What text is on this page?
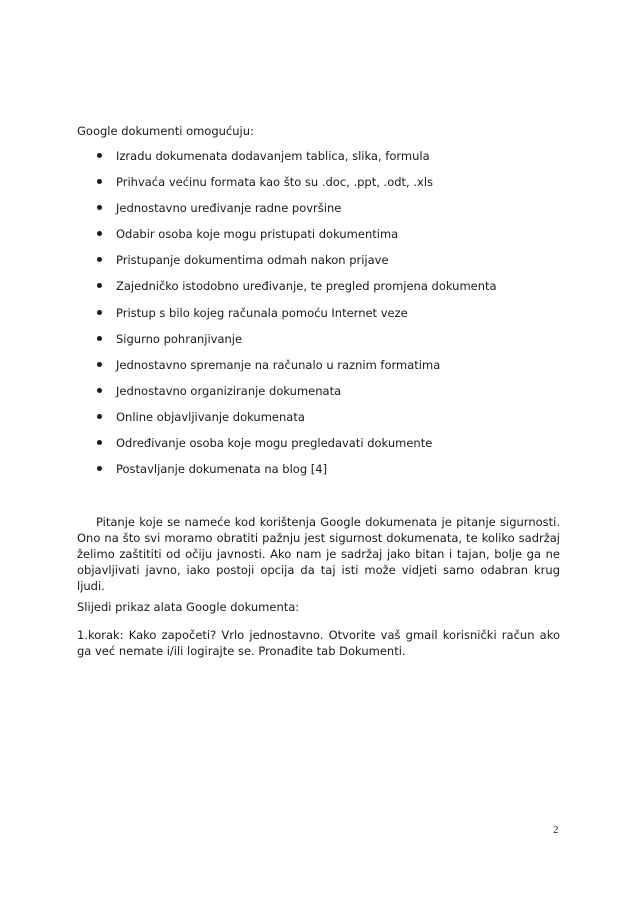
Google dokumenti omogućuju:

Izradu dokumenata dodavanjem tablica, slika, formula
Prihvaća većinu formata kao što su .doc, .ppt, .odt, .xls
Jednostavno uređivanje radne površine
Odabir osoba koje mogu pristupati dokumentima
Pristupanje dokumentima odmah nakon prijave
Zajedničko istodobno uređivanje, te pregled promjena dokumenta
Pristup s bilo kojeg računala pomoću Internet veze
Sigurno pohranjivanje
Jednostavno spremanje na računalo u raznim formatima
Jednostavno organiziranje dokumenata
Online objavljivanje dokumenata
Određivanje osoba koje mogu pregledavati dokumente
Postavljanje dokumenata na blog [4]

Pitanje koje se nameće kod korištenja Google dokumenata je pitanje sigurnosti. Ono na što svi moramo obratiti pažnju jest sigurnost dokumenata, te koliko sadržaj želimo zaštititi od očiju javnosti. Ako nam je sadržaj jako bitan i tajan, bolje ga ne objavljivati javno, iako postoji opcija da taj isti može vidjeti samo odabran krug ljudi.

Slijedi prikaz alata Google dokumenta:

1.korak: Kako započeti? Vrlo jednostavno. Otvorite vaš gmail korisnički račun ako ga već nemate i/ili logirajte se. Pronađite tab Dokumenti.

2
